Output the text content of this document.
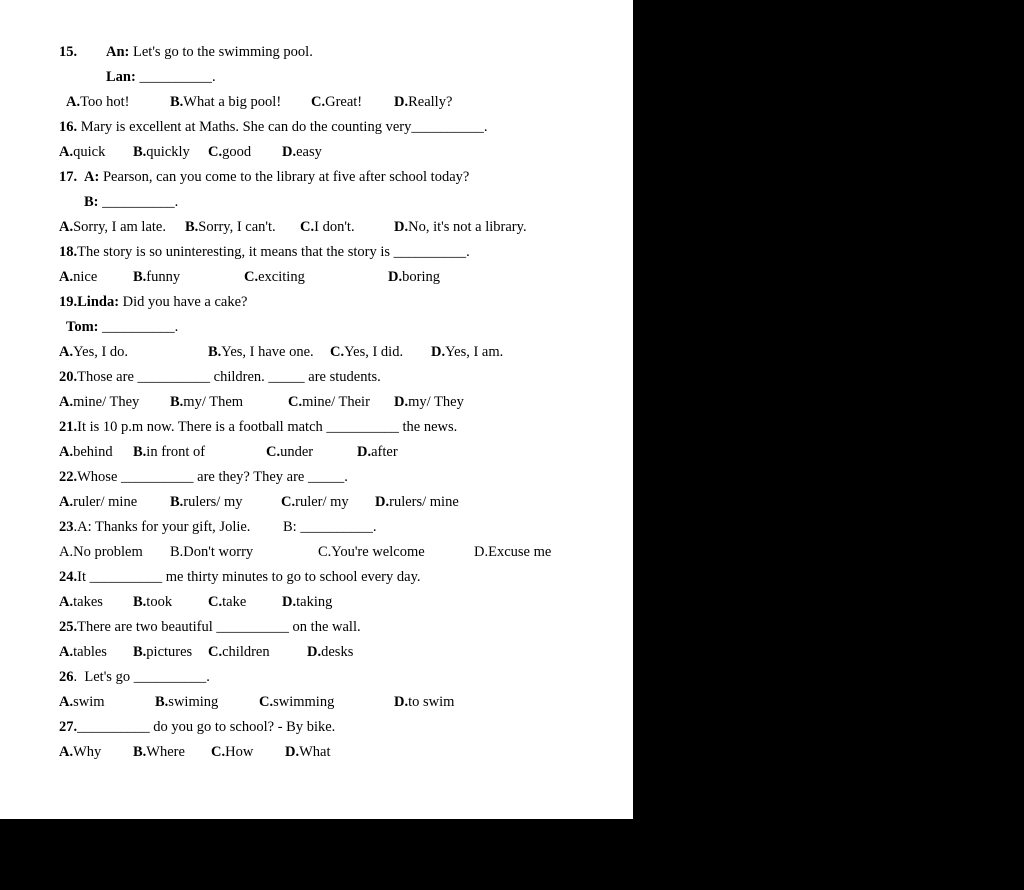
15.

An: Let's go to the swimming pool.

Lan: __________.

A.Too hot!

	B.What a big pool!

C.Great!

D.Really?

16. Mary is excellent at Maths. She can do the counting very__________.

A.quick

B.quickly

C.good

D.easy

17.

A: Pearson, can you come to the library at five after school today?

B: __________.

A.Sorry, I am late.

B.Sorry, I can't.

C.I don't.

	D.No, it's not a library.

18.The story is so uninteresting, it means that the story is __________.

A.nice

B.funny

	C.exciting

	D.boring

19.Linda: Did you have a cake?

Tom: __________.

A.Yes, I do.

	B.Yes, I have one.

C.Yes, I did.

D.Yes, I am.

20.Those are __________ children. _____ are students.

A.mine/ They

B.my/ Them

	C.mine/ Their

D.my/ They

21.It is 10 p.m now. There is a football match __________ the news.

A.behind

B.in front of

	C.under

	D.after

22.Whose __________ are they? They are _____.

A.ruler/ mine

B.rulers/ my

	C.ruler/ my

D.rulers/ mine

23.A: Thanks for your gift, Jolie.

B: __________.

A.No problem

B.Don't worry

	C.You're welcome

	D.Excuse me

24.It __________ me thirty minutes to go to school every day.

A.takes

B.took

C.take

D.taking

25.There are two beautiful __________ on the wall.

A.tables

B.pictures

C.children

	D.desks

26.  Let's go __________.

A.swim

	B.swiming

	C.swimming

	D.to swim

27.__________ do you go to school? - By bike.

A.Why

B.Where

C.How

D.What
